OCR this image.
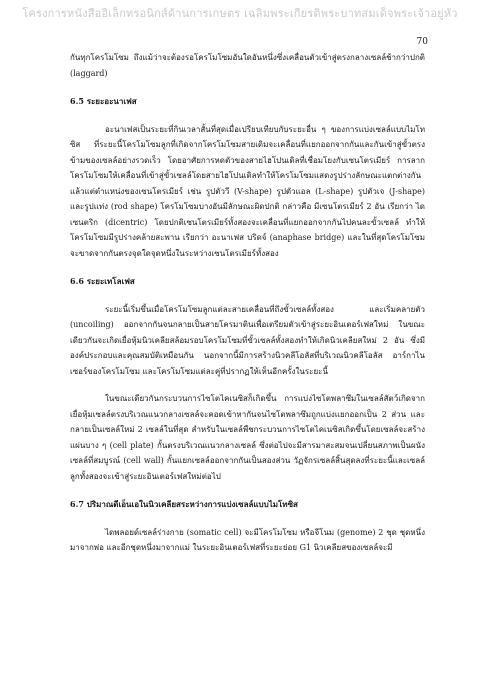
โครงการหนังสืออิเล็กทรอนิกส์ด้านการเกษตร เฉลิมพระเกียรติพระบาทสมเด็จพระเจ้าอยู่หัว
70

กันทุกโครโมโซม ถึงแม้ว่าจะต้องรอโครโมโซมอันใดอันหนึ่งซึ่งเคลื่อนตัวเข้าสู่ตรงกลางเซลล์ช้ากว่าปกติ (laggard)

6.5 ระยะอะนาเฟส

อะนาเฟสเป็นระยะที่กินเวลาสั้นที่สุดเมื่อเปรียบเทียบกับระยะอื่น ๆ ของการแบ่งเซลล์แบบไมโทซิส ที่ระยะนี้โครโมโซมลูกที่เกิดจากโครโมโซมสายเดิมจะเคลื่อนที่แยกออกจากกันและกันเข้าสู่ขั้วตรงข้ามของเซลล์อย่างรวดเร็ว โดยอาศัยการหดตัวของสายไฮโปนเดิลที่เชื่อมโยงกับเซนโตรเมียร์ การลากโครโมโซมให้เคลื่อนที่เข้าสู่ขั้วเซลล์โดยสายไฮโปนเดิลทำให้โครโมโซมแสดงรูปร่างลักษณะแตกต่างกันแล้วแต่ตำแหน่งของเซนโตรเมียร์ เช่น รูปตัววี (V-shape) รูปตัวแอล (L-shape) รูปตัวเจ (J-shape) และรูปแท่ง (rod shape) โครโมโซมบางอันมีลักษณะผิดปกติ กล่าวคือ มีเซนโตรเมียร์ 2 อัน เรียกว่า ไดเซนตริก (dicentric) โดยปกติเซนโตรเมียร์ทั้งสองจะเคลื่อนที่แยกออกจากกันไปคนละขั้วเซลล์ ทำให้โครโมโซมมีรูปร่างคล้ายสะพาน เรียกว่า อะนาเฟส บริดจ์ (anaphase bridge) และในที่สุดโครโมโซมจะขาดจากกันตรงจุดใดจุดหนึ่งในระหว่างเซนโตรเมียร์ทั้งสอง

6.6 ระยะเทโลเฟส

ระยะนี้เริ่มขึ้นเมื่อโครโมโซมลูกแต่ละสายเคลื่อนที่ถึงขั้วเซลล์ทั้งสอง และเริ่มคลายตัว (uncoiling) ออกจากกันจนกลายเป็นสายโครมาตินเพื่อเตรียมตัวเข้าสู่ระยะอินเตอร์เฟสใหม่ ในขณะเดียวกันจะเกิดเยื่อหุ้มนิวเคลียสล้อมรอบโครโมโซมที่ขั้วเซลล์ทั้งสองทำให้เกิดนิวเคลียสใหม่ 2 อัน ซึ่งมีองค์ประกอบและคุณสมบัติเหมือนกัน นอกจากนี้มีการสร้างนิวคลีโอลัสที่บริเวณนิวคลีโอลัส อาร์กาไนเซอร์ของโครโมโซม และโครโมโซมแต่ละคู่ที่ปรากฏให้เห็นอีกครั้งในระยะนี้

ในขณะเดียวกันกระบวนการไซโตไคเนซิสก็เกิดขึ้น การแบ่งไซโตพลาซึมในเซลล์สัตว์เกิดจากเยื่อหุ้มเซลล์ตรงบริเวณแนวกลางเซลล์จะคอดเข้าหากันจนไซโตพลาซึมถูกแบ่งแยกออกเป็น 2 ส่วน และกลายเป็นเซลล์ใหม่ 2 เซลล์ในที่สุด สำหรับในเซลล์พืชกระบวนการไซโตไคเนซิสเกิดขึ้นโดยเซลล์จะสร้างแผ่นบาง ๆ (cell plate) กั้นตรงบริเวณแนวกลางเซลล์ ซึ่งต่อไปจะมีสารมาสะสมจนเปลี่ยนสภาพเป็นผนังเซลล์ที่สมบูรณ์ (cell wall) กั้นแยกเซลล์ออกจากกันเป็นสองส่วน วัฏจักรเซลล์สิ้นสุดลงที่ระยะนี้และเซลล์ลูกทั้งสองจะเข้าสู่ระยะอินเตอร์เฟสใหม่ต่อไป

6.7 ปริมาณดีเอ็นเอในนิวเคลียสระหว่างการแบ่งเซลล์แบบไมโทซิส

ไดพลอยด์เซลล์ร่างกาย (somatic cell) จะมีโครโมโซม หรือจีโนม (genome) 2 ชุด ชุดหนึ่งมาจากพ่อ และอีกชุดหนึ่งมาจากแม่ ในระยะอินเตอร์เฟสที่ระยะย่อย G1 นิวเคลียสของเซลล์จะมี
